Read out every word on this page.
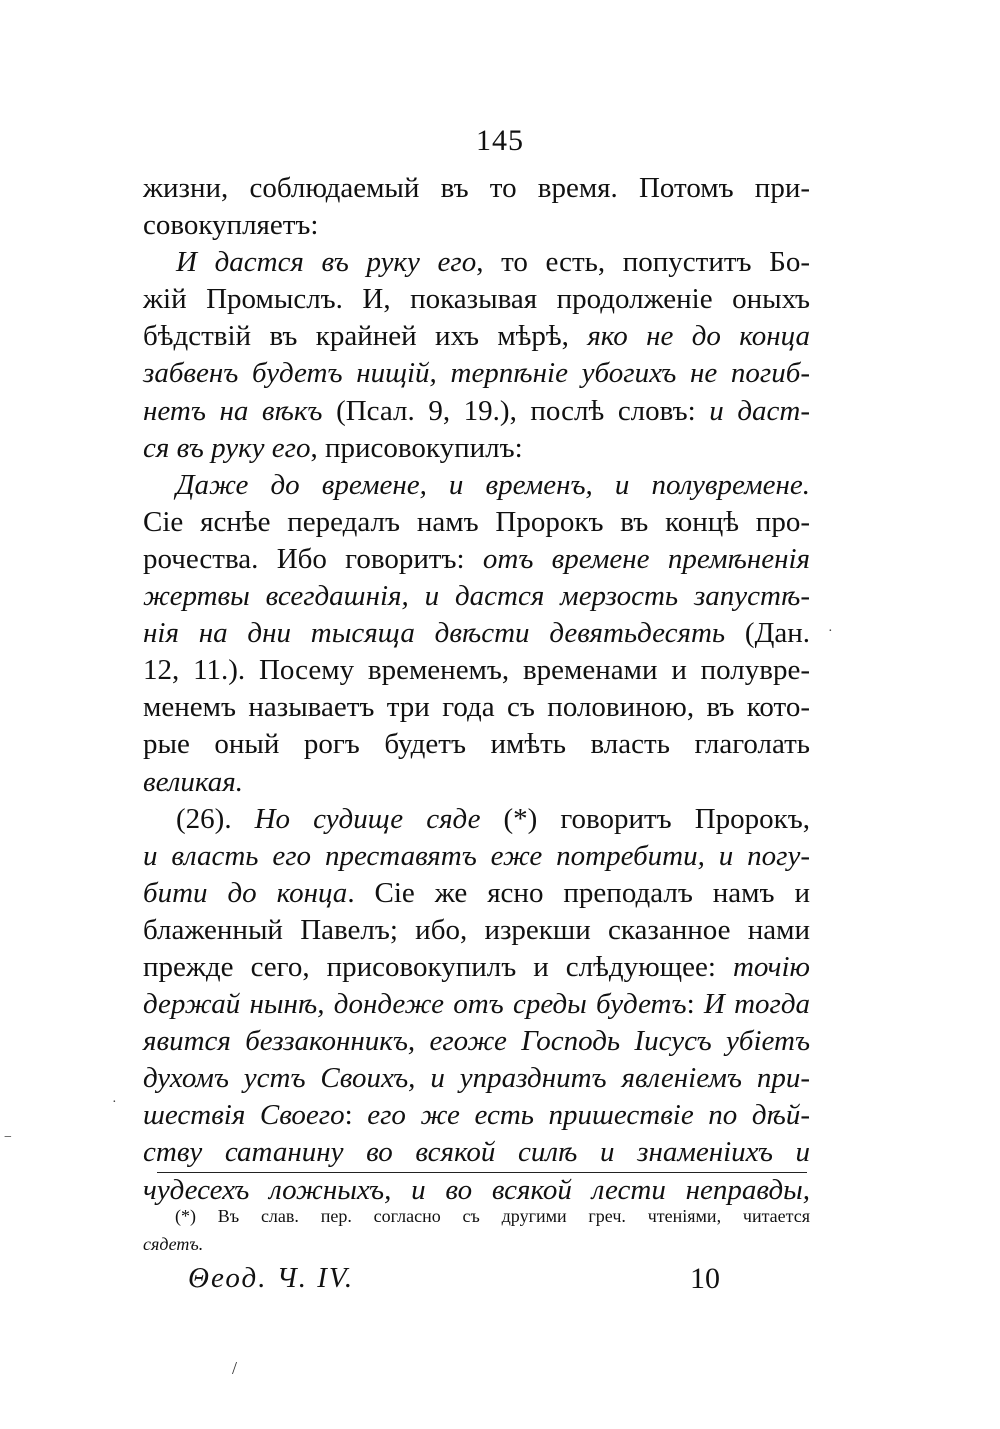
145
жизни, соблюдаемый въ то время. Потомъ при-
совокупляетъ:
И дастся въ руку его, то есть, попуститъ Бо-
жій Промыслъ. И, показывая продолженіе оныхъ
бѣдствій въ крайней ихъ мѣрѣ, яко не до конца
забвенъ будетъ нищій, терпѣніе убогихъ не погиб-
нетъ на вѣкъ (Псал. 9, 19.), послѣ словъ: и даст-
ся въ руку его, присовокупилъ:
Даже до времене, и временъ, и полувремене.
Сіе яснѣе передалъ намъ Пророкъ въ концѣ про-
рочества. Ибо говоритъ: отъ времене премѣненія
жертвы всегдашнія, и дастся мерзость запустѣ-
нія на дни тысяща двѣсти девятьдесять (Дан.
12, 11.). Посему временемъ, временами и полувре-
менемъ называетъ три года съ половиною, въ кото-
рые оный рогъ будетъ имѣть власть глаголать
великая.
(26). Но судище сяде (*) говоритъ Пророкъ,
и власть его преставятъ еже потребити, и погу-
бити до конца. Сіе же ясно преподалъ намъ и
блаженный Павелъ; ибо, изрекши сказанное нами
прежде сего, присовокупилъ и слѣдующее: точію
держай нынѣ, дондеже отъ среды будетъ: И тогда
явится беззаконникъ, егоже Господь Іисусъ убіетъ
духомъ устъ Своихъ, и упразднитъ явленіемъ при-
шествія Своего: его же есть пришествіе по дѣй-
ству сатанину во всякой силѣ и знаменіихъ и
чудесехъ ложныхъ, и во всякой лести неправды,
(*) Въ слав. пер. согласно съ другими греч. чтеніями, читается
сядетъ.
Θеод. Ч. IV.	10
·
·
−
/
